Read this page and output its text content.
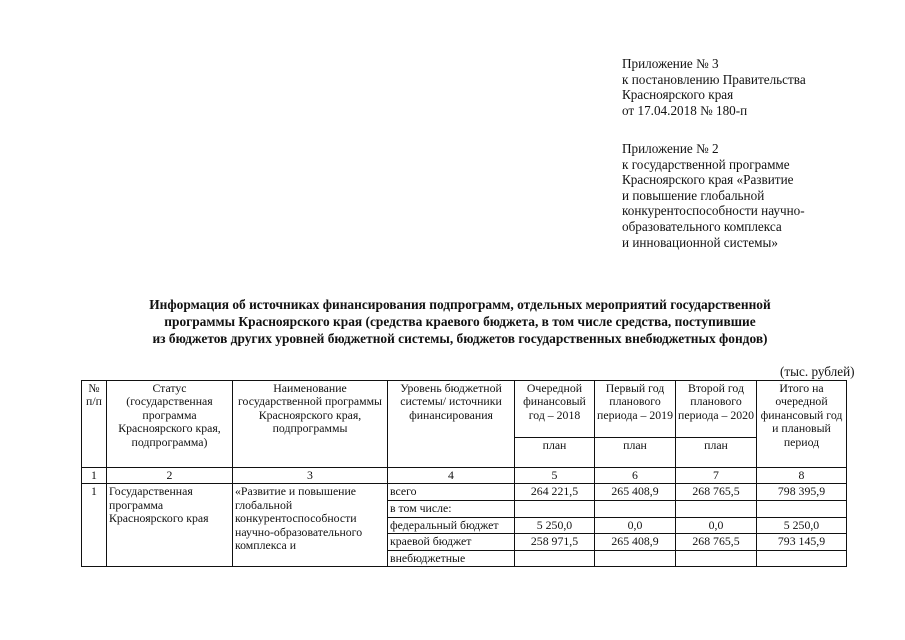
Приложение № 3
к постановлению Правительства
Красноярского края
от 17.04.2018 № 180-п
Приложение № 2
к государственной программе
Красноярского края «Развитие
и повышение глобальной
конкурентоспособности научно-
образовательного комплекса
и инновационной системы»
Информация об источниках финансирования подпрограмм, отдельных мероприятий государственной
программы Красноярского края (средства краевого бюджета, в том числе средства, поступившие
из бюджетов других уровней бюджетной системы, бюджетов государственных внебюджетных фондов)
(тыс. рублей)
№ п/п	Статус (государственная программа Красноярского края, подпрограмма)	Наименование государственной программы Красноярского края, подпрограммы	Уровень бюджетной системы/ источники финансирования	Очередной финансовый год – 2018	Первый год планового периода – 2019	Второй год планового периода – 2020	Итого на очередной финансовый год и плановый период
				план	план	план	
1	2	3	4	5	6	7	8
1	Государственная программа Красноярского края	«Развитие и повышение глобальной конкурентоспособности научно-образовательного комплекса и	всего	264 221,5	265 408,9	268 765,5	798 395,9
			в том числе:				
			федеральный бюджет	5 250,0	0,0	0,0	5 250,0
			краевой бюджет	258 971,5	265 408,9	268 765,5	793 145,9
			внебюджетные				
